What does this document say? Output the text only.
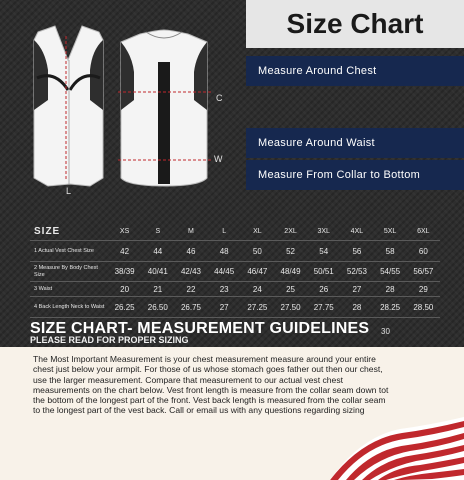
L
C
W
Size Chart
Measure Around Chest
Measure Around Waist
Measure From Collar to Bottom
SIZE	XS	S	M	L	XL	2XL	3XL	4XL	5XL	6XL
1 Actual Vest Chest Size	42	44	46	48	50	52	54	56	58	60
2 Measure By Body Chest Size	38/39	40/41	42/43	44/45	46/47	48/49	50/51	52/53	54/55	56/57
3 Waist	20	21	22	23	24	25	26	27	28	29
4 Back Length Neck to Waist	26.25	26.50	26.75	27	27.25	27.50	27.75	28	28.25	28.50
SIZE CHART- MEASUREMENT GUIDELINES
PLEASE READ FOR PROPER SIZING
30
The Most Important Measurement is your chest measurement measure around your entire chest just below your armpit. For those of us whose stomach goes father out then our chest, use the larger measurement. Compare that measurement to our actual vest chest measurements on the chart below. Vest front length is measure from the collar seam down tot the bottom of the longest part of the front. Vest back length is measured from the collar seam to the longest part of the vest back. Call or email us with any questions regarding sizing
